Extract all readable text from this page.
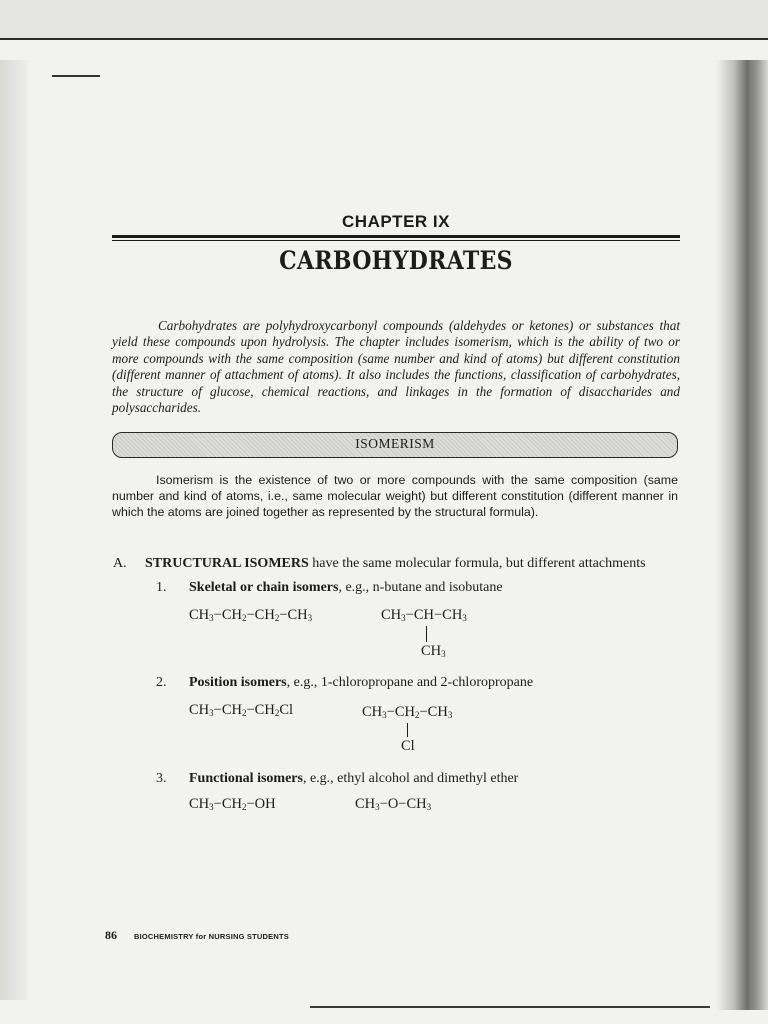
CHAPTER IX
CARBOHYDRATES

Carbohydrates are polyhydroxycarbonyl compounds (aldehydes or ketones) or substances that yield these compounds upon hydrolysis. The chapter includes isomerism, which is the ability of two or more compounds with the same composition (same number and kind of atoms) but different constitution (different manner of attachment of atoms). It also includes the functions, classification of carbohydrates, the structure of glucose, chemical reactions, and linkages in the formation of disaccharides and polysaccharides.

ISOMERISM

Isomerism is the existence of two or more compounds with the same composition (same number and kind of atoms, i.e., same molecular weight) but different constitution (different manner in which the atoms are joined together as represented by the structural formula).

A. STRUCTURAL ISOMERS have the same molecular formula, but different attachments
1. Skeletal or chain isomers, e.g., n-butane and isobutane
$CH_3-CH_2-CH_2-CH_3$	$CH_3-CH-CH_3$
$CH_3$
2. Position isomers, e.g., 1-chloropropane and 2-chloropropane
$CH_3-CH_2-CH_2Cl$	$CH_3-CH_2-CH_3$
Cl
3. Functional isomers, e.g., ethyl alcohol and dimethyl ether
$CH_3-CH_2-OH$	$CH_3-O-CH_3$
86 BIOCHEMISTRY for NURSING STUDENTS
